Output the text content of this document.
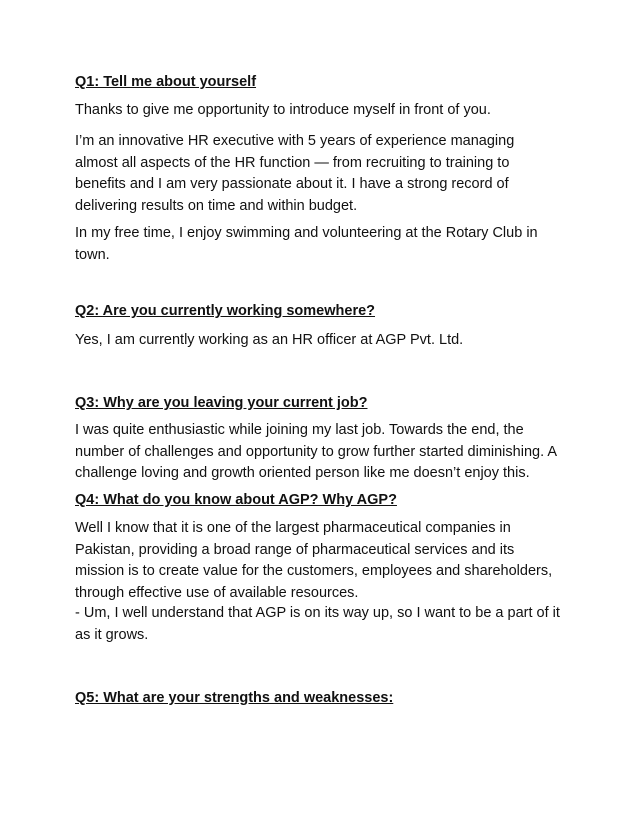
Q1: Tell me about yourself

Thanks to give me opportunity to introduce myself in front of you.

I’m an innovative HR executive with 5 years of experience managing almost all aspects of the HR function — from recruiting to training to benefits and I am very passionate about it. I have a strong record of delivering results on time and within budget.

In my free time, I enjoy swimming and volunteering at the Rotary Club in town.

Q2: Are you currently working somewhere?

Yes, I am currently working as an HR officer at AGP Pvt. Ltd.

Q3: Why are you leaving your current job?

I was quite enthusiastic while joining my last job. Towards the end, the number of challenges and opportunity to grow further started diminishing. A challenge loving and growth oriented person like me doesn’t enjoy this.

Q4: What do you know about AGP? Why AGP?

Well I know that it is one of the largest pharmaceutical companies in Pakistan, providing a broad range of pharmaceutical services and its mission is to create value for the customers, employees and shareholders, through effective use of available resources.

- Um, I well understand that AGP is on its way up, so I want to be a part of it as it grows.

Q5: What are your strengths and weaknesses:
